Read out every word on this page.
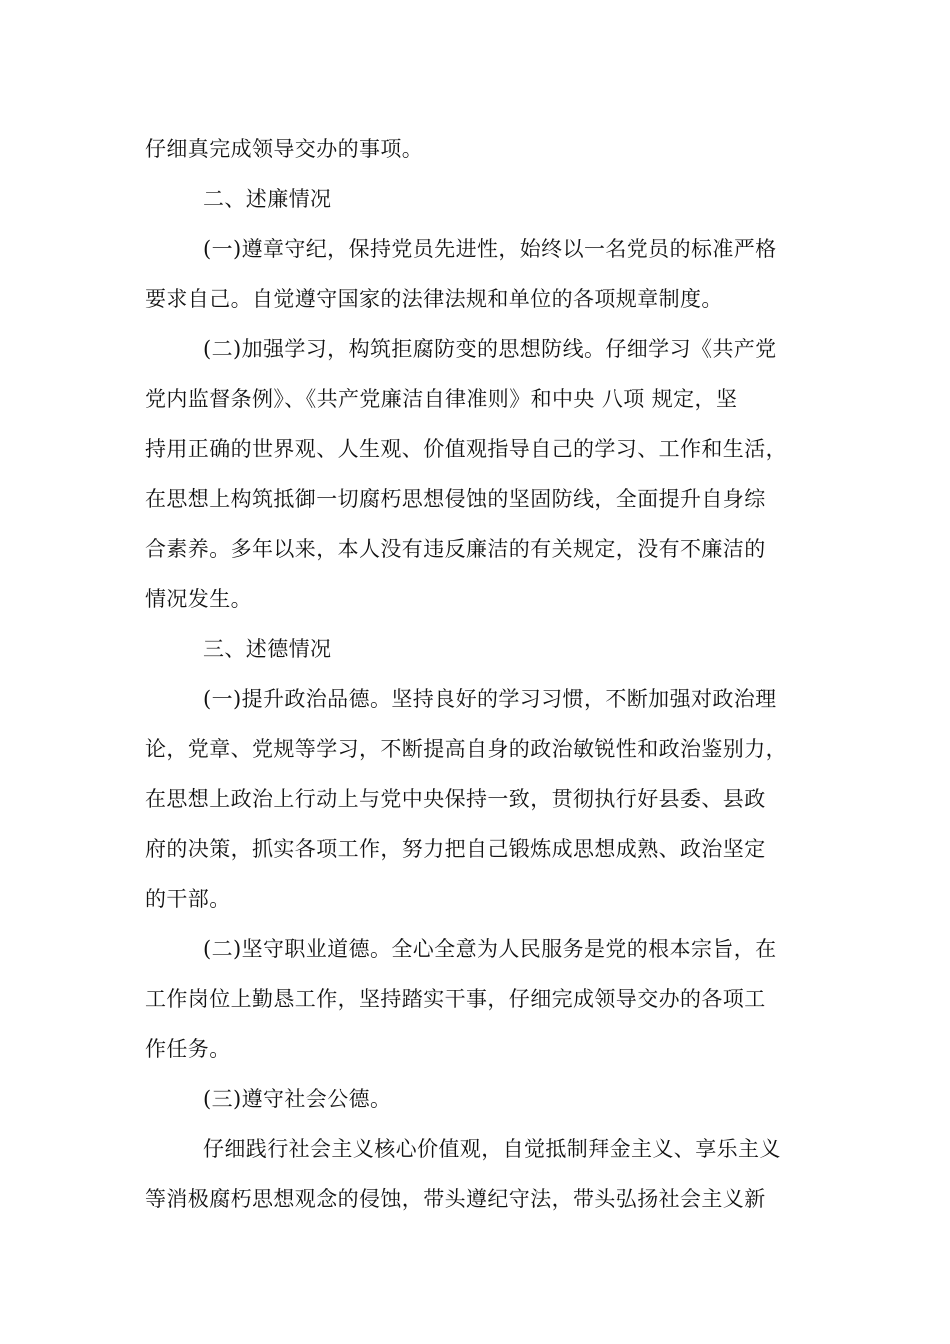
仔细真完成领导交办的事项。
二、述廉情况
(一)遵章守纪，保持党员先进性，始终以一名党员的标准严格
要求自己。自觉遵守国家的法律法规和单位的各项规章制度。
(二)加强学习，构筑拒腐防变的思想防线。仔细学习《共产党
党内监督条例》、《共产党廉洁自律准则》和中央 八项 规定，坚
持用正确的世界观、人生观、价值观指导自己的学习、工作和生活，
在思想上构筑抵御一切腐朽思想侵蚀的坚固防线，全面提升自身综
合素养。多年以来，本人没有违反廉洁的有关规定，没有不廉洁的
情况发生。
三、述德情况
(一)提升政治品德。坚持良好的学习习惯，不断加强对政治理
论，党章、党规等学习，不断提高自身的政治敏锐性和政治鉴别力，
在思想上政治上行动上与党中央保持一致，贯彻执行好县委、县政
府的决策，抓实各项工作，努力把自己锻炼成思想成熟、政治坚定
的干部。
(二)坚守职业道德。全心全意为人民服务是党的根本宗旨，在
工作岗位上勤恳工作，坚持踏实干事，仔细完成领导交办的各项工
作任务。
(三)遵守社会公德。
仔细践行社会主义核心价值观，自觉抵制拜金主义、享乐主义
等消极腐朽思想观念的侵蚀，带头遵纪守法，带头弘扬社会主义新
